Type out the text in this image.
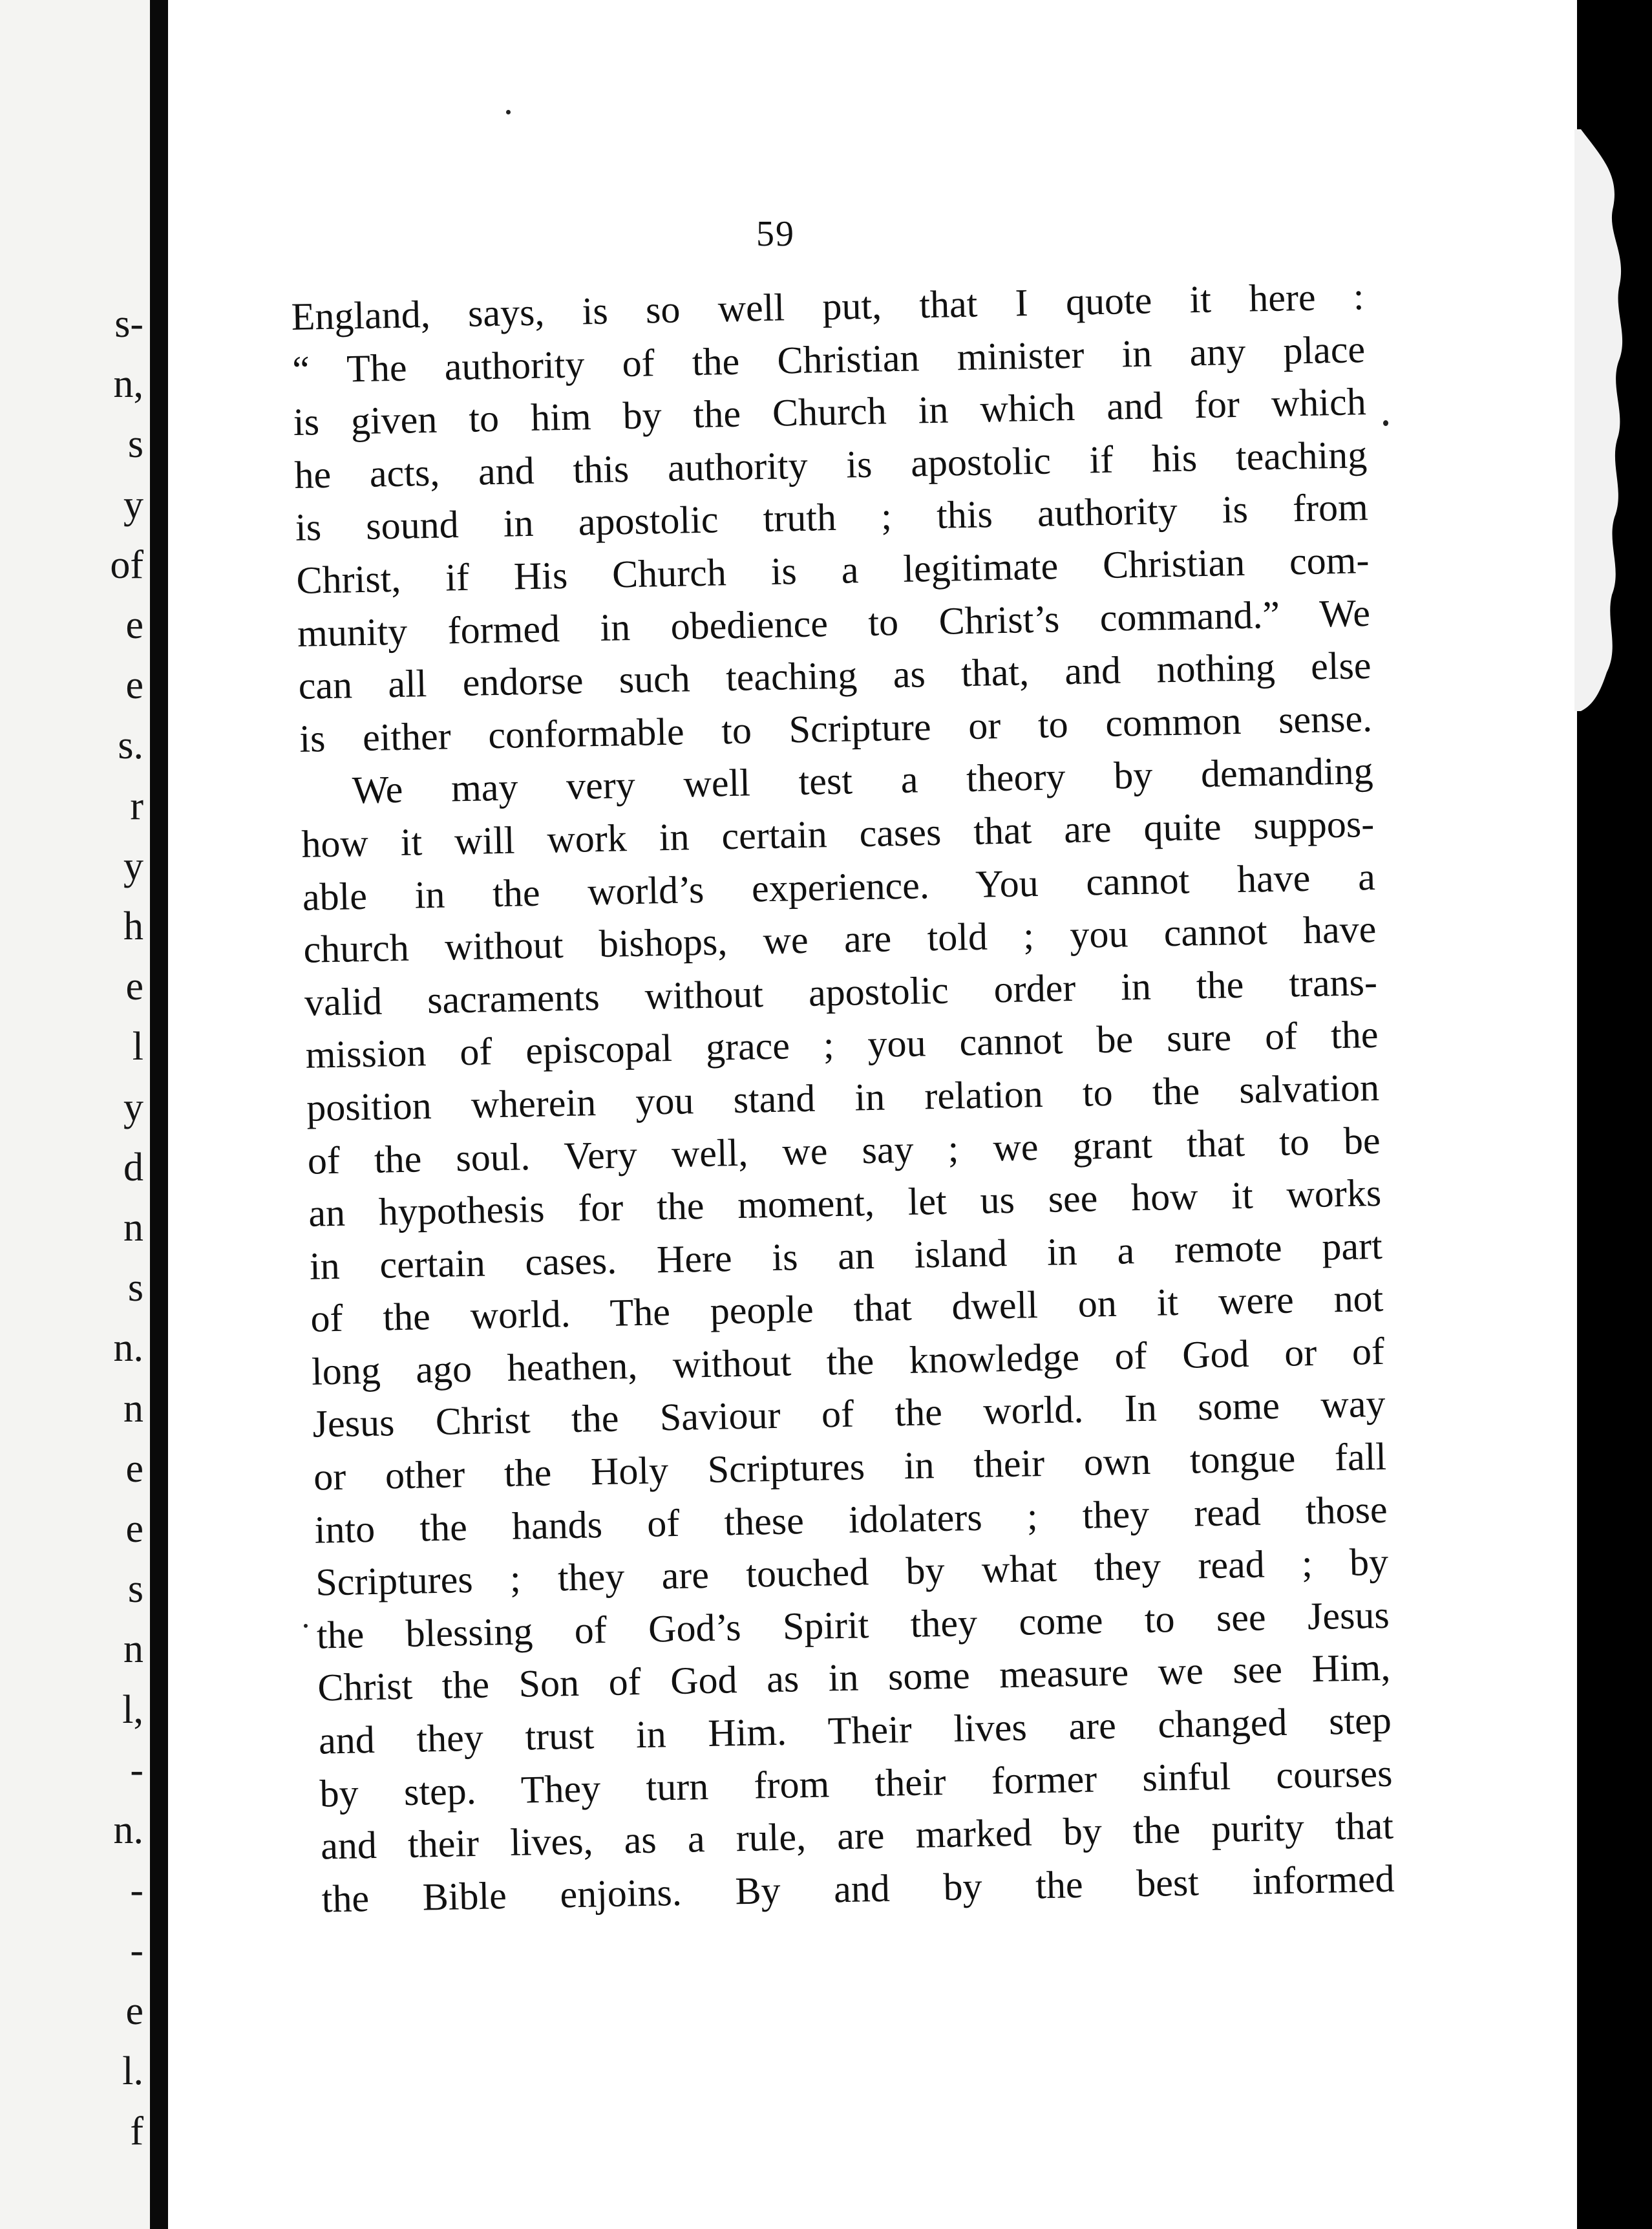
s-
n,
s
y
of
e
e
s.
r
y
h
e
l
y
d
n
s
n.
n
e
e
s
n
l,
-
n.
-
-
e
l.
f
59
England, says, is so well put, that I quote it here :
“ The authority of the Christian minister in any place
is given to him by the Church in which and for which
he acts, and this authority is apostolic if his teaching
is sound in apostolic truth ; this authority is from
Christ, if His Church is a legitimate Christian com-
munity formed in obedience to Christ’s command.” We
can all endorse such teaching as that, and nothing else
is either conformable to Scripture or to common sense.
We may very well test a theory by demanding
how it will work in certain cases that are quite suppos-
able in the world’s experience. You cannot have a
church without bishops, we are told ; you cannot have
valid sacraments without apostolic order in the trans-
mission of episcopal grace ; you cannot be sure of the
position wherein you stand in relation to the salvation
of the soul. Very well, we say ; we grant that to be
an hypothesis for the moment, let us see how it works
in certain cases. Here is an island in a remote part
of the world. The people that dwell on it were not
long ago heathen, without the knowledge of God or of
Jesus Christ the Saviour of the world. In some way
or other the Holy Scriptures in their own tongue fall
into the hands of these idolaters ; they read those
Scriptures ; they are touched by what they read ; by
the blessing of God’s Spirit they come to see Jesus
Christ the Son of God as in some measure we see Him,
and they trust in Him. Their lives are changed step
by step. They turn from their former sinful courses
and their lives, as a rule, are marked by the purity that
the Bible enjoins. By and by the best informed
